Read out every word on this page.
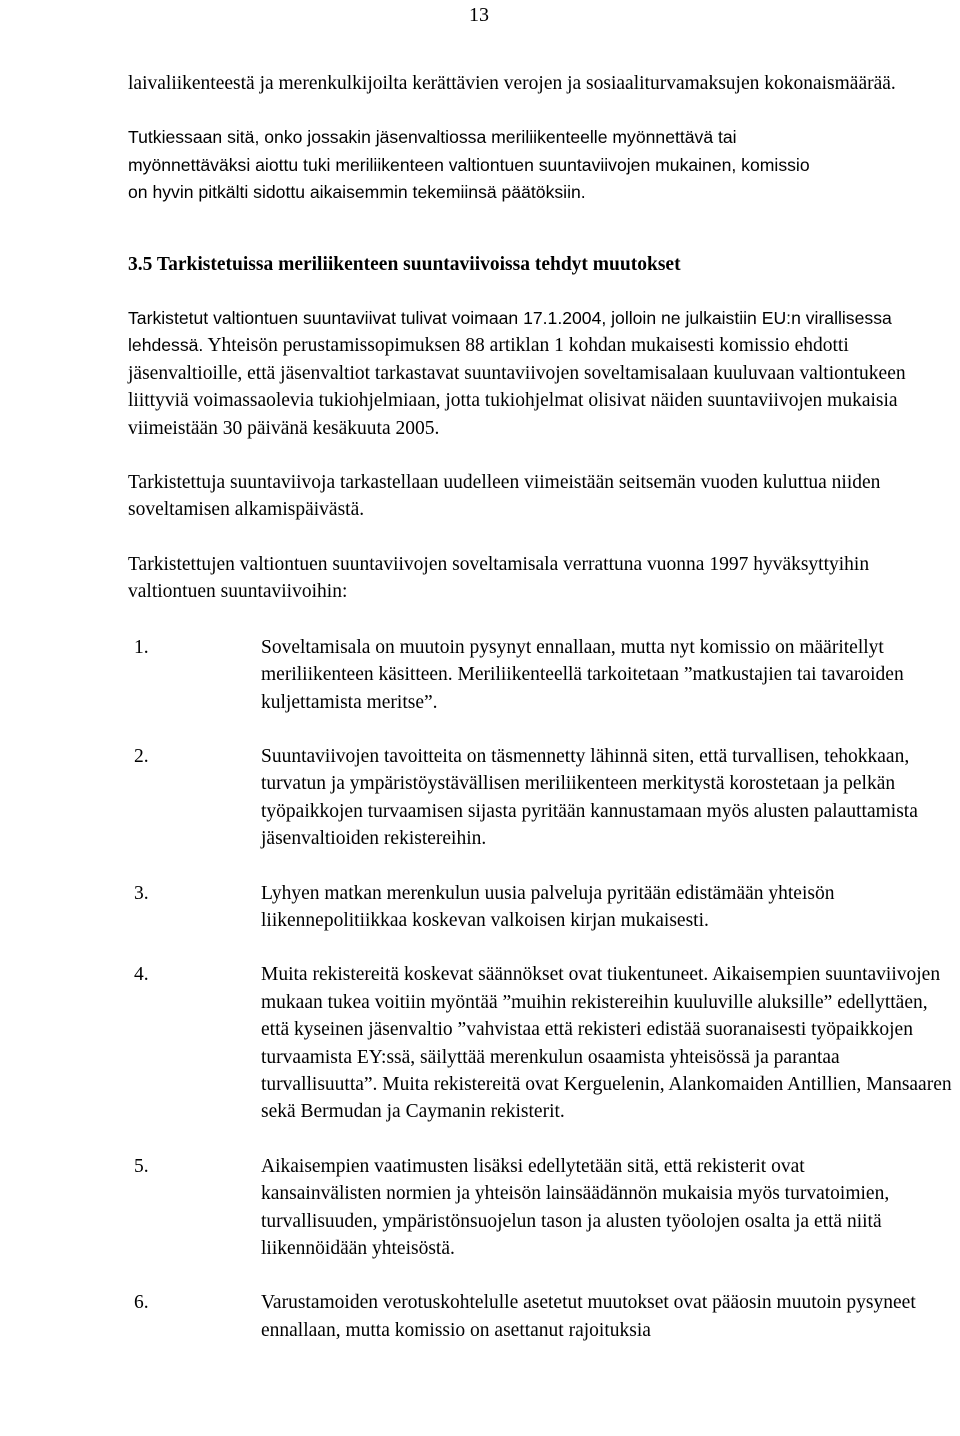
13

laivaliikenteestä ja merenkulkijoilta kerättävien verojen ja sosiaaliturvamaksujen kokonaismäärää.

Tutkiessaan sitä, onko jossakin jäsenvaltiossa meriliikenteelle myönnettävä tai myönnettäväksi aiottu tuki meriliikenteen valtiontuen suuntaviivojen mukainen, komissio on hyvin pitkälti sidottu aikaisemmin tekemiinsä päätöksiin.

3.5 Tarkistetuissa meriliikenteen suuntaviivoissa tehdyt muutokset

Tarkistetut valtiontuen suuntaviivat tulivat voimaan 17.1.2004, jolloin ne julkaistiin EU:n virallisessa lehdessä. Yhteisön perustamissopimuksen 88 artiklan 1 kohdan mukaisesti komissio ehdotti jäsenvaltioille, että jäsenvaltiot tarkastavat suuntaviivojen soveltamisalaan kuuluvaan valtiontukeen liittyviä voimassaolevia tukiohjelmiaan, jotta tukiohjelmat olisivat näiden suuntaviivojen mukaisia viimeistään 30 päivänä kesäkuuta 2005.

Tarkistettuja suuntaviivoja tarkastellaan uudelleen viimeistään seitsemän vuoden kuluttua niiden soveltamisen alkamispäivästä.

Tarkistettujen valtiontuen suuntaviivojen soveltamisala verrattuna vuonna 1997 hyväksyttyihin valtiontuen suuntaviivoihin:

1.	Soveltamisala on muutoin pysynyt ennallaan, mutta nyt komissio on määritellyt meriliikenteen käsitteen. Meriliikenteellä tarkoitetaan ”matkustajien tai tavaroiden kuljettamista meritse”.
2.	Suuntaviivojen tavoitteita on täsmennetty lähinnä siten, että turvallisen, tehokkaan, turvatun ja ympäristöystävällisen meriliikenteen merkitystä korostetaan ja pelkän työpaikkojen turvaamisen sijasta pyritään kannustamaan myös alusten palauttamista jäsenvaltioiden rekistereihin.
3.	Lyhyen matkan merenkulun uusia palveluja pyritään edistämään yhteisön liikennepolitiikkaa koskevan valkoisen kirjan mukaisesti.
4.	Muita rekistereitä koskevat säännökset ovat tiukentuneet. Aikaisempien suuntaviivojen mukaan tukea voitiin myöntää ”muihin rekistereihin kuuluville aluksille” edellyttäen, että kyseinen jäsenvaltio ”vahvistaa että rekisteri edistää suoranaisesti työpaikkojen turvaamista EY:ssä, säilyttää merenkulun osaamista yhteisössä ja parantaa turvallisuutta”. Muita rekistereitä ovat Kerguelenin, Alankomaiden Antillien, Mansaaren sekä Bermudan ja Caymanin rekisterit.
5.	Aikaisempien vaatimusten lisäksi edellytetään sitä, että rekisterit ovat kansainvälisten normien ja yhteisön lainsäädännön mukaisia myös turvatoimien, turvallisuuden, ympäristönsuojelun tason ja alusten työolojen osalta ja että niitä liikennöidään yhteisöstä.
6.	Varustamoiden verotuskohtelulle asetetut muutokset ovat pääosin muutoin pysyneet ennallaan, mutta komissio on asettanut rajoituksia
